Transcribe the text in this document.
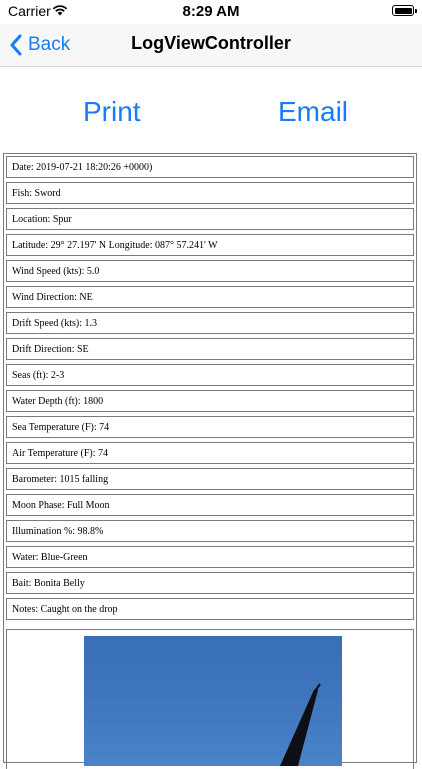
Carrier	8:29 AM
Back	LogViewController
Print	Email
Date: 2019-07-21 18:20:26 +0000)
Fish: Sword
Location: Spur
Latitude: 29° 27.197' N Longitude: 087° 57.241' W
Wind Speed (kts): 5.0
Wind Direction: NE
Drift Speed (kts): 1.3
Drift Direction: SE
Seas (ft): 2-3
Water Depth (ft): 1800
Sea Temperature (F): 74
Air Temperature (F): 74
Barometer: 1015 falling
Moon Phase: Full Moon
Illumination %: 98.8%
Water: Blue-Green
Bait: Bonita Belly
Notes: Caught on the drop
